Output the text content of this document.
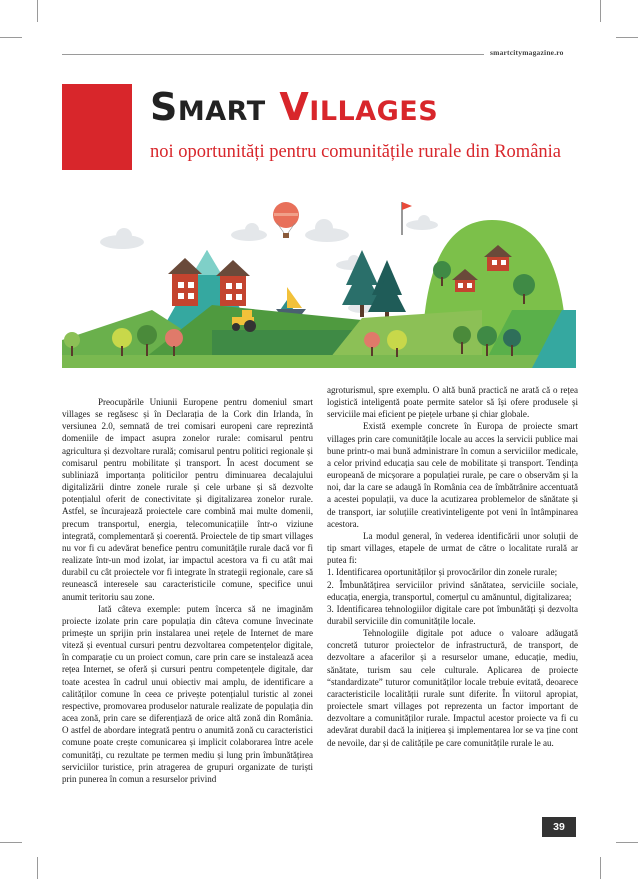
smartcitymagazine.ro
Smart Villages
noi oportunități pentru comunitățile rurale din România

Preocupările Uniunii Europene pentru domeniul smart villages se regăsesc și în Declarația de la Cork din Irlanda, în versiunea 2.0, semnată de trei comisari europeni care reprezintă domeniile de impact asupra zonelor rurale: comisarul pentru agricultura și dezvoltare rurală; comisarul pentru politici regionale și comisarul pentru mobilitate și transport. În acest document se subliniază importanța politicilor pentru diminuarea decalajului digitalizării dintre zonele rurale și cele urbane și să dezvolte potențialul oferit de conectivitate și digitalizarea zonelor rurale. Astfel, se încurajează proiectele care combină mai multe domenii, precum transportul, energia, telecomunicațiile într-o viziune integrată, complementară și coerentă. Proiectele de tip smart villages nu vor fi cu adevărat benefice pentru comunitățile rurale dacă vor fi realizate într-un mod izolat, iar impactul acestora va fi cu atât mai durabil cu cât proiectele vor fi integrate în strategii regionale, care să reunească interesele sau caracteristicile comune, specifice unui anumit teritoriu sau zone.

Iată câteva exemple: putem încerca să ne imaginăm proiecte izolate prin care populația din câteva comune învecinate primește un sprijin prin instalarea unei rețele de Internet de mare viteză și eventual cursuri pentru dezvoltarea competențelor digitale, în comparație cu un proiect comun, care prin care se instalează acea rețea Internet, se oferă și cursuri pentru competențele digitale, dar toate acestea în cadrul unui obiectiv mai amplu, de identificare a calităților comune în ceea ce privește potențialul turistic al zonei respective, promovarea produselor naturale realizate de populația din acea zonă, prin care se diferențiază de orice altă zonă din România. O astfel de abordare integrată pentru o anumită zonă cu caracteristici comune poate crește comunicarea și implicit colaborarea între acele comunități, cu rezultate pe termen mediu și lung prin îmbunătățirea serviciilor turistice, prin atragerea de grupuri organizate de turiști prin punerea în comun a resurselor privind

agroturismul, spre exemplu. O altă bună practică ne arată că o rețea logistică inteligentă poate permite satelor să își ofere produsele și serviciile mai eficient pe piețele urbane și chiar globale.

Există exemple concrete în Europa de proiecte smart villages prin care comunitățile locale au acces la servicii publice mai bune printr-o mai bună administrare în comun a serviciilor medicale, a celor privind educația sau cele de mobilitate și transport. Tendința europeană de micșorare a populației rurale, pe care o observăm și la noi, dar la care se adaugă în România cea de îmbătrânire accentuată a acestei populații, va duce la acutizarea problemelor de sănătate și de transport, iar soluțiile creativinteligente pot veni în întâmpinarea acestora.

La modul general, în vederea identificării unor soluții de tip smart villages, etapele de urmat de către o localitate rurală ar putea fi:

1. Identificarea oportunităților și provocărilor din zonele rurale;

2. Îmbunătățirea serviciilor privind sănătatea, serviciile sociale, educația, energia, transportul, comerțul cu amănuntul, digitalizarea;

3. Identificarea tehnologiilor digitale care pot îmbunătăți și dezvolta durabil serviciile din comunitățile locale.

Tehnologiile digitale pot aduce o valoare adăugată concretă tuturor proiectelor de infrastructură, de transport, de dezvoltare a afacerilor și a resurselor umane, educație, mediu, sănătate, turism sau cele culturale. Aplicarea de proiecte “standardizate” tuturor comunităților locale trebuie evitată, deoarece caracteristicile localității rurale sunt diferite. În viitorul apropiat, proiectele smart villages pot reprezenta un factor important de dezvoltare a comunităților rurale. Impactul acestor proiecte va fi cu adevărat durabil dacă la inițierea și implementarea lor se va ține cont de nevoile, dar și de calitățile pe care comunitățile rurale le au.

39
